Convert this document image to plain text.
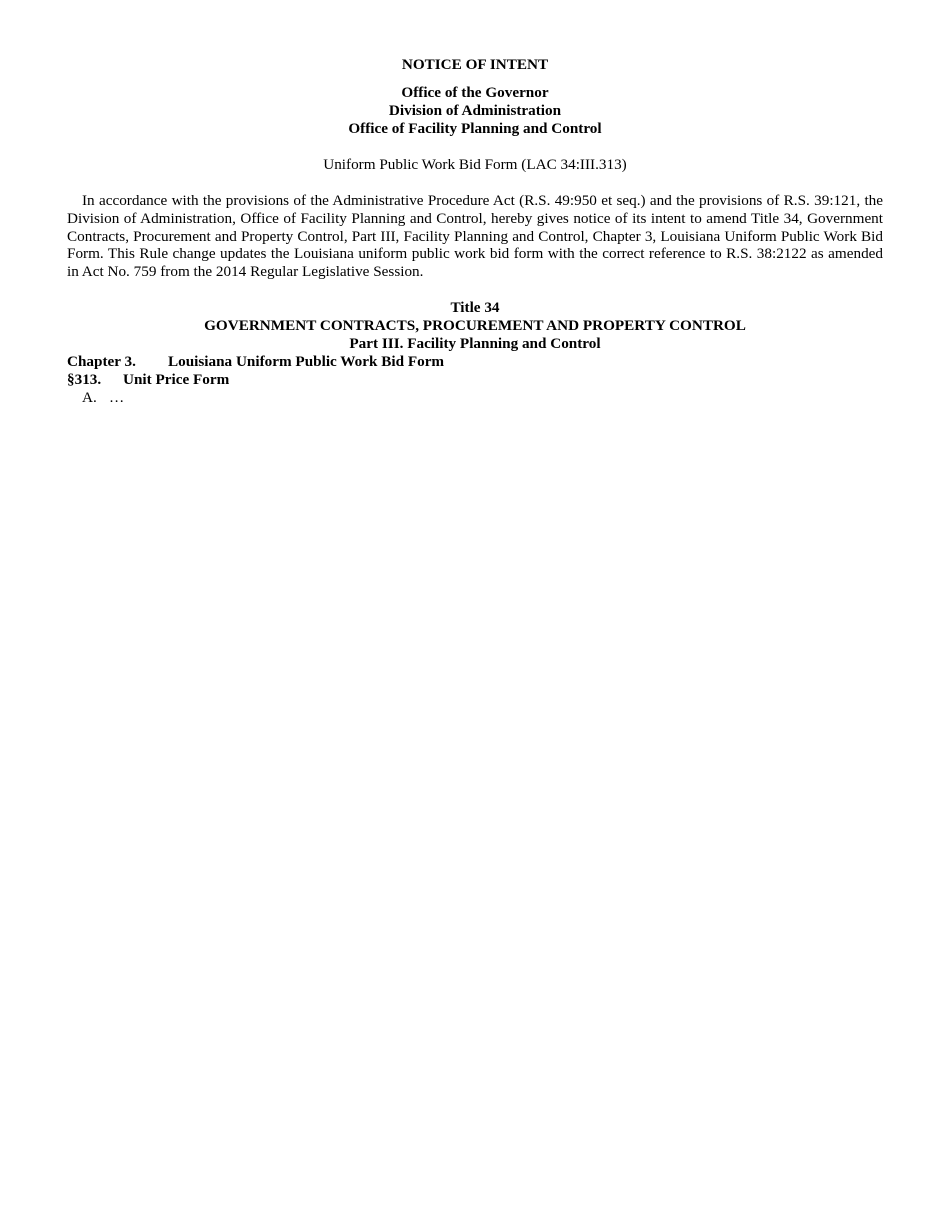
NOTICE OF INTENT
Office of the Governor
Division of Administration
Office of Facility Planning and Control
Uniform Public Work Bid Form (LAC 34:III.313)

In accordance with the provisions of the Administrative Procedure Act (R.S. 49:950 et seq.) and the provisions of R.S. 39:121, the Division of Administration, Office of Facility Planning and Control, hereby gives notice of its intent to amend Title 34, Government Contracts, Procurement and Property Control, Part III, Facility Planning and Control, Chapter 3, Louisiana Uniform Public Work Bid Form. This Rule change updates the Louisiana uniform public work bid form with the correct reference to R.S. 38:2122 as amended in Act No. 759 from the 2014 Regular Legislative Session.

Title 34
GOVERNMENT CONTRACTS, PROCUREMENT AND PROPERTY CONTROL
Part III. Facility Planning and Control
Chapter 3.	Louisiana Uniform Public Work Bid Form
§313.	Unit Price Form
A. …
